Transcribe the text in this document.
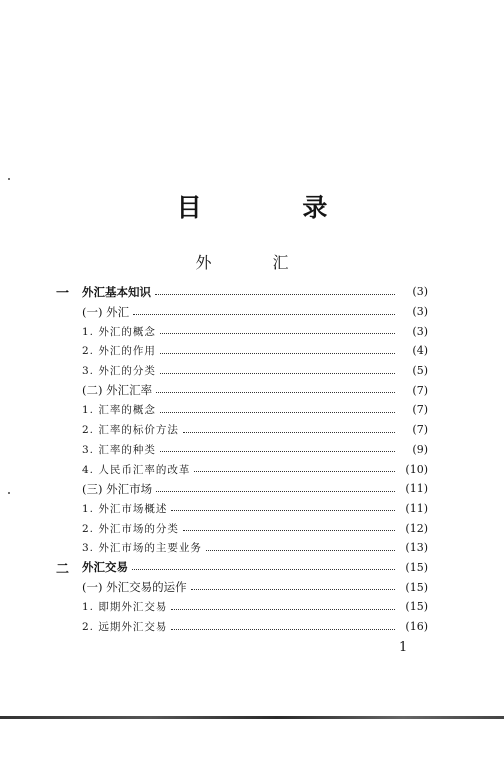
目 录
外 汇
一	外汇基本知识	(3)
(一) 外汇	(3)
1. 外汇的概念	(3)
2. 外汇的作用	(4)
3. 外汇的分类	(5)
(二) 外汇汇率	(7)
1. 汇率的概念	(7)
2. 汇率的标价方法	(7)
3. 汇率的种类	(9)
4. 人民币汇率的改革	(10)
(三) 外汇市场	(11)
1. 外汇市场概述	(11)
2. 外汇市场的分类	(12)
3. 外汇市场的主要业务	(13)
二	外汇交易	(15)
(一) 外汇交易的运作	(15)
1. 即期外汇交易	(15)
2. 远期外汇交易	(16)
1
